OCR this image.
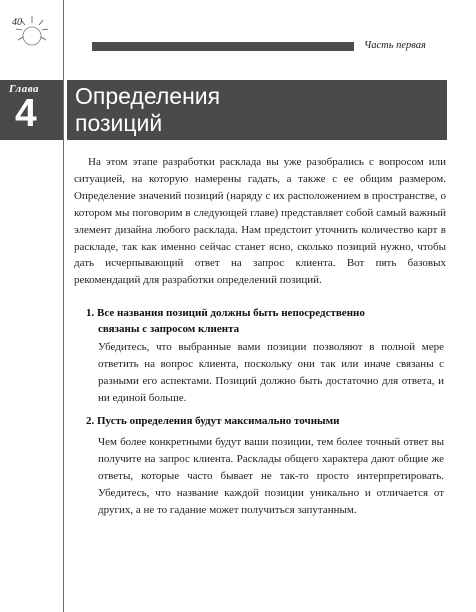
40
Часть первая
Глава
4 Определения
позиций

На этом этапе разработки расклада вы уже разобрались с вопросом или ситуацией, на которую намерены гадать, а также с ее общим размером. Определение значений позиций (наряду с их расположением в пространстве, о котором мы поговорим в следующей главе) представляет собой самый важный элемент дизайна любого расклада. Нам предстоит уточнить количество карт в раскладе, так как именно сейчас станет ясно, сколько позиций нужно, чтобы дать исчерпывающий ответ на запрос клиента. Вот пять базовых рекомендаций для разработки определений позиций.

1. Все названия позиций должны быть непосредственно
связаны с запросом клиента

Убедитесь, что выбранные вами позиции позволяют в полной мере ответить на вопрос клиента, поскольку они так или иначе связаны с разными его аспектами. Позиций должно быть достаточно для ответа, и ни единой больше.

2. Пусть определения будут максимально точными

Чем более конкретными будут ваши позиции, тем более точный ответ вы получите на запрос клиента. Расклады общего характера дают общие же ответы, которые часто бывает не так-то просто интерпретировать. Убедитесь, что название каждой позиции уникально и отличается от других, а не то гадание может получиться запутанным.
